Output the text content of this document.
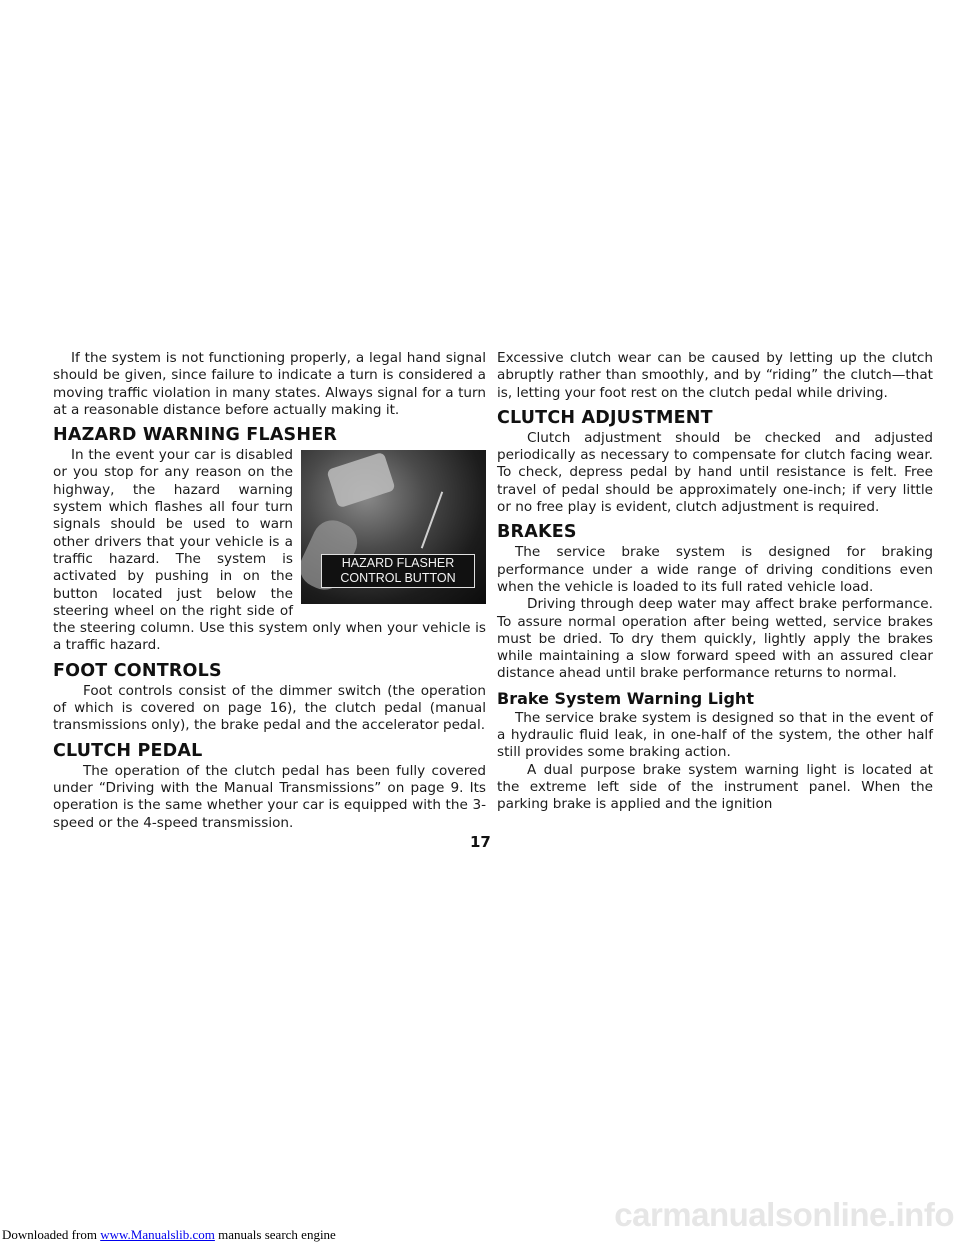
If the system is not functioning properly, a legal hand signal should be given, since failure to indicate a turn is considered a moving traffic violation in many states. Always signal for a turn at a reasonable distance before actually making it.

HAZARD WARNING FLASHER
HAZARD FLASHER
CONTROL BUTTON

In the event your car is disabled or you stop for any reason on the highway, the hazard warning system which flashes all four turn signals should be used to warn other drivers that your vehicle is a traffic hazard. The system is activated by pushing in on the button located just below the steering wheel on the right side of the steering column. Use this system only when your vehicle is a traffic hazard.

FOOT CONTROLS

Foot controls consist of the dimmer switch (the operation of which is covered on page 16), the clutch pedal (manual transmissions only), the brake pedal and the accelerator pedal.

CLUTCH PEDAL

The operation of the clutch pedal has been fully covered under “Driving with the Manual Transmissions” on page 9. Its operation is the same whether your car is equipped with the 3-speed or the 4-speed transmission.

Excessive clutch wear can be caused by letting up the clutch abruptly rather than smoothly, and by “riding” the clutch—that is, letting your foot rest on the clutch pedal while driving.

CLUTCH ADJUSTMENT

Clutch adjustment should be checked and adjusted periodically as necessary to compensate for clutch facing wear. To check, depress pedal by hand until resistance is felt. Free travel of pedal should be approximately one-inch; if very little or no free play is evident, clutch adjustment is required.

BRAKES

The service brake system is designed for braking performance under a wide range of driving conditions even when the vehicle is loaded to its full rated vehicle load.

Driving through deep water may affect brake performance. To assure normal operation after being wetted, service brakes must be dried. To dry them quickly, lightly apply the brakes while maintaining a slow forward speed with an assured clear distance ahead until brake performance returns to normal.

Brake System Warning Light

The service brake system is designed so that in the event of a hydraulic fluid leak, in one-half of the system, the other half still provides some braking action.

A dual purpose brake system warning light is located at the extreme left side of the instrument panel. When the parking brake is applied and the ignition

17
carmanualsonline.info
Downloaded from www.Manualslib.com manuals search engine
